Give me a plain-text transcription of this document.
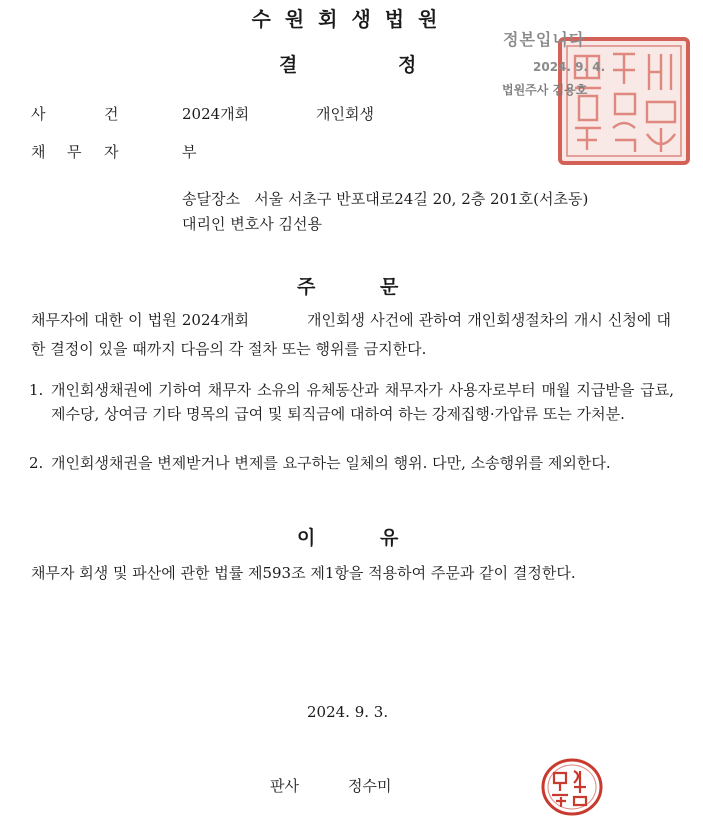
수원회생법원
결	정
사	건	2024개회	개인회생
채 무 자	부
송달장소 서울 서초구 반포대로24길 20, 2층 201호(서초동)
대리인 변호사 김선용
주	문
채무자에 대한 이 법원 2024개회	개인회생 사건에 관하여 개인회생절차의 개시 신청에 대한 결정이 있을 때까지 다음의 각 절차 또는 행위를 금지한다.
1. 개인회생채권에 기하여 채무자 소유의 유체동산과 채무자가 사용자로부터 매월 지급받을 급료, 제수당, 상여금 기타 명목의 급여 및 퇴직금에 대하여 하는 강제집행·가압류 또는 가처분.
2. 개인회생채권을 변제받거나 변제를 요구하는 일체의 행위. 다만, 소송행위를 제외한다.
이	유
채무자 회생 및 파산에 관한 법률 제593조 제1항을 적용하여 주문과 같이 결정한다.
2024. 9. 3.
판사	정수미
정본입니다
2024. 9. 4.
법원주사 김용호
